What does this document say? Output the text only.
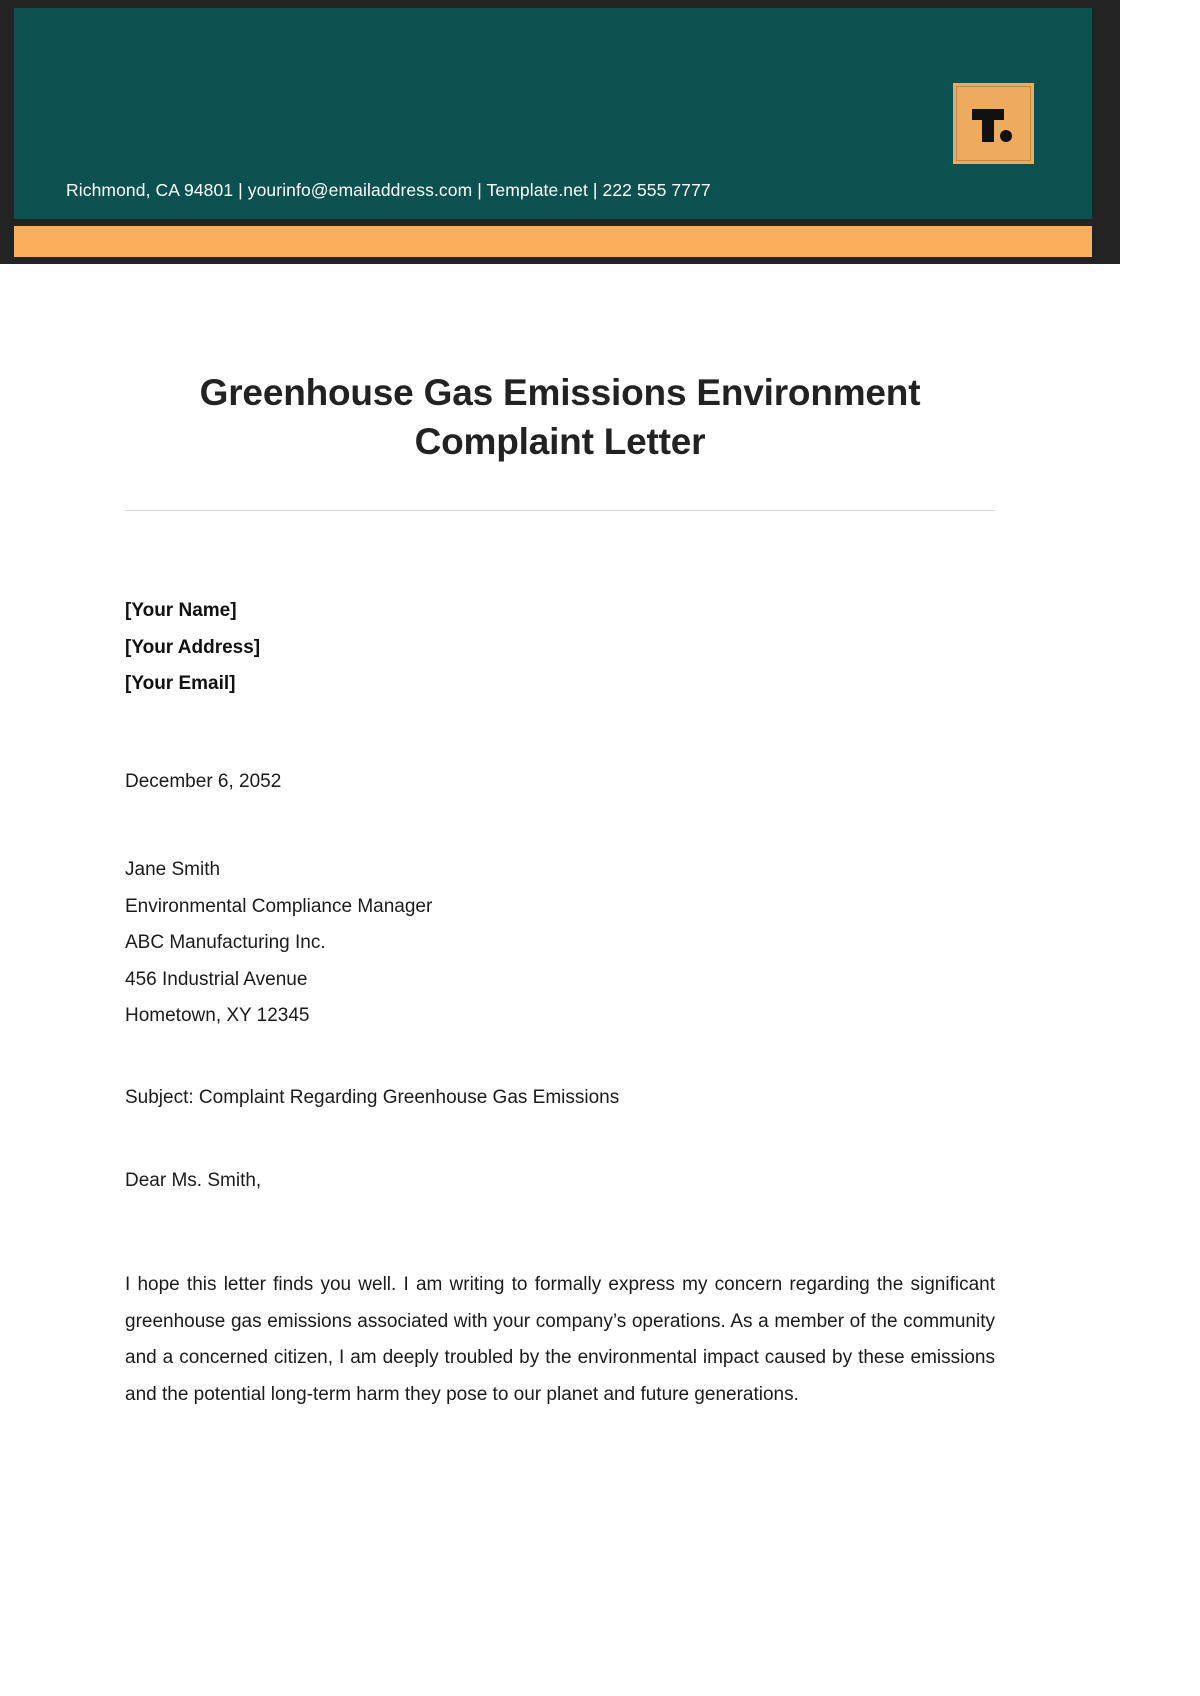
Richmond, CA 94801 | yourinfo@emailaddress.com | Template.net | 222 555 7777
Greenhouse Gas Emissions Environment Complaint Letter
[Your Name]
[Your Address]
[Your Email]
December 6, 2052
Jane Smith
Environmental Compliance Manager
ABC Manufacturing Inc.
456 Industrial Avenue
Hometown, XY 12345
Subject: Complaint Regarding Greenhouse Gas Emissions
Dear Ms. Smith,

I hope this letter finds you well. I am writing to formally express my concern regarding the significant greenhouse gas emissions associated with your company’s operations. As a member of the community and a concerned citizen, I am deeply troubled by the environmental impact caused by these emissions and the potential long-term harm they pose to our planet and future generations.
